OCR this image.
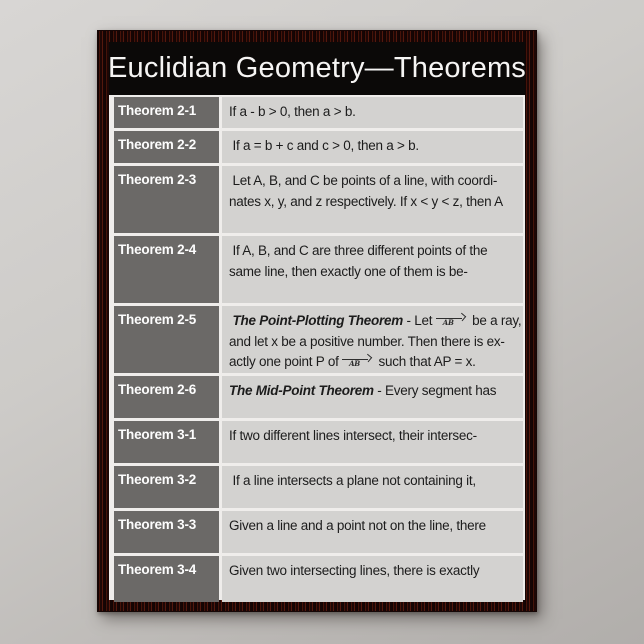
Euclidian Geometry—Theorems
Theorem 2-1	If a - b > 0, then a > b.
Theorem 2-2	If a = b + c and c > 0, then a > b.
Theorem 2-3	Let A, B, and C be points of a line, with coordi-
nates x, y, and z respectively. If x < y < z, then A
Theorem 2-4	If A, B, and C are three different points of the
same line, then exactly one of them is be-
Theorem 2-5	The Point-Plotting Theorem - Let AB be a ray,
and let x be a positive number. Then there is ex-
actly one point P of AB such that AP = x.
Theorem 2-6	The Mid-Point Theorem - Every segment has
Theorem 3-1	If two different lines intersect, their intersec-
Theorem 3-2	If a line intersects a plane not containing it,
Theorem 3-3	Given a line and a point not on the line, there
Theorem 3-4	Given two intersecting lines, there is exactly
